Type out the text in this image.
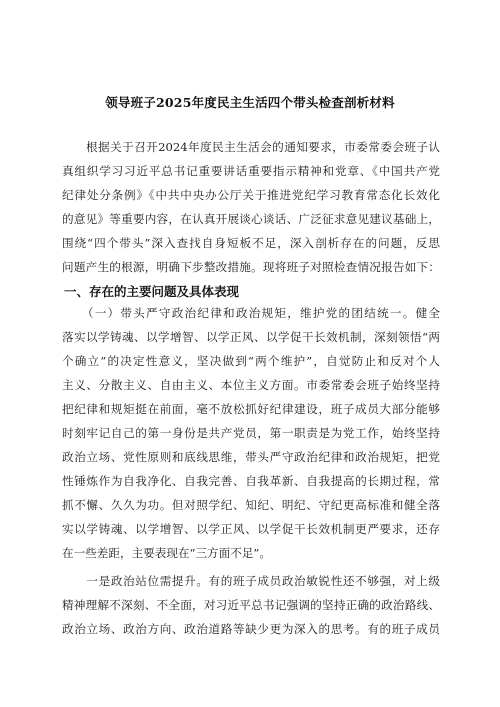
领导班子2025年度民主生活四个带头检查剖析材料
　　根据关于召开2024年度民主生活会的通知要求，市委常委会班子认
真组织学习习近平总书记重要讲话重要指示精神和党章、《中国共产党
纪律处分条例》《中共中央办公厅关于推进党纪学习教育常态化长效化
的意见》等重要内容，在认真开展谈心谈话、广泛征求意见建议基础上，
围绕“四个带头”深入查找自身短板不足，深入剖析存在的问题，反思
问题产生的根源，明确下步整改措施。现将班子对照检查情况报告如下：
一、存在的主要问题及具体表现
　　（一）带头严守政治纪律和政治规矩，维护党的团结统一。健全
落实以学铸魂、以学增智、以学正风、以学促干长效机制，深刻领悟“两
个确立”的决定性意义，坚决做到“两个维护”，自觉防止和反对个人
主义、分散主义、自由主义、本位主义方面。市委常委会班子始终坚持
把纪律和规矩挺在前面，毫不放松抓好纪律建设，班子成员大部分能够
时刻牢记自己的第一身份是共产党员，第一职责是为党工作，始终坚持
政治立场、党性原则和底线思维，带头严守政治纪律和政治规矩，把党
性锤炼作为自我净化、自我完善、自我革新、自我提高的长期过程，常
抓不懈、久久为功。但对照学纪、知纪、明纪、守纪更高标准和健全落
实以学铸魂、以学增智、以学正风、以学促干长效机制更严要求，还存
在一些差距，主要表现在“三方面不足”。
　　一是政治站位需提升。有的班子成员政治敏锐性还不够强，对上级
精神理解不深刻、不全面，对习近平总书记强调的坚持正确的政治路线、
政治立场、政治方向、政治道路等缺少更为深入的思考。有的班子成员
